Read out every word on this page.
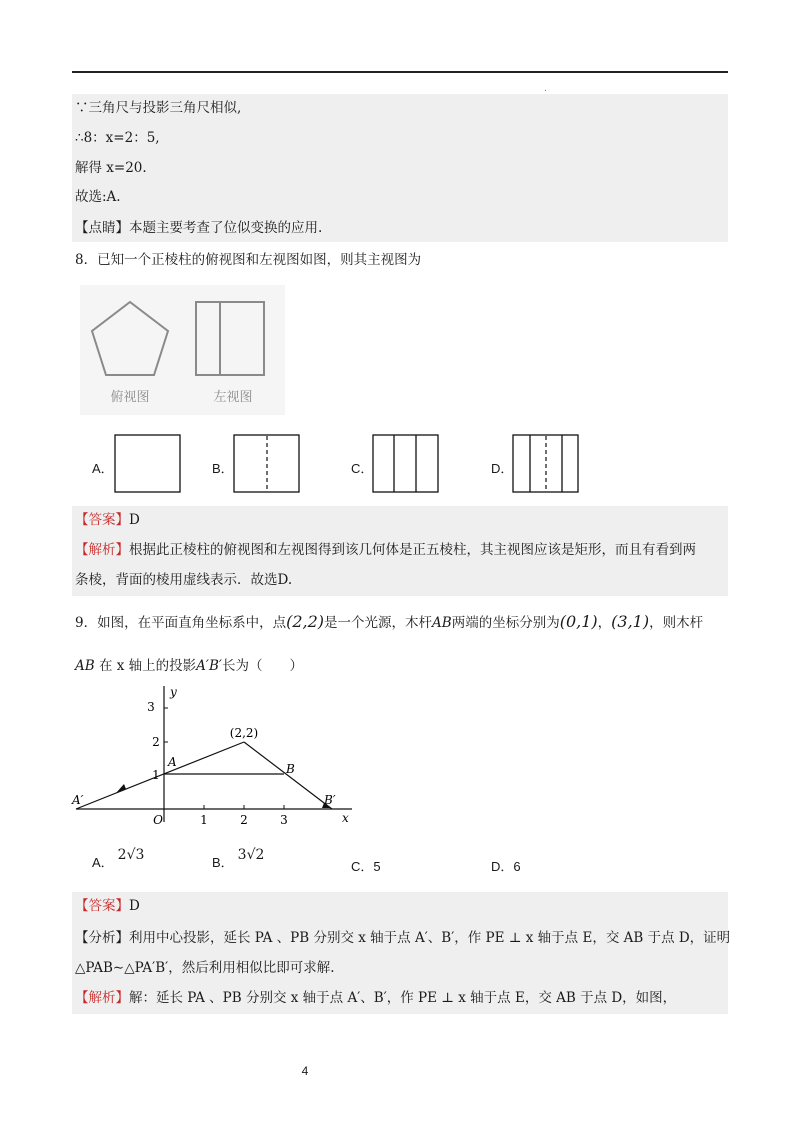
.
∵三角尺与投影三角尺相似,
∴8：x=2：5,
解得 x=20.
故选:A.
【点睛】本题主要考查了位似变换的应用.
8．已知一个正棱柱的俯视图和左视图如图，则其主视图为
俯视图	左视图
A．	B．	C．	D．
【答案】D
【解析】根据此正棱柱的俯视图和左视图得到该几何体是正五棱柱，其主视图应该是矩形，而且有看到两
条棱，背面的棱用虚线表示．故选D.
9．如图，在平面直角坐标系中，点(2,2)是一个光源，木杆AB两端的坐标分别为(0,1)，(3,1)，则木杆
AB 在 x 轴上的投影A′B′长为（　　）
3
2
1
1	2	3
O	x
y
(2,2)
A	B
A′	B′
A． 2√3	B． 3√2
C．5	D．6
【答案】D
【分析】利用中心投影，延长 PA 、PB 分别交 x 轴于点 A′、B′，作 PE ⊥ x 轴于点 E，交 AB 于点 D，证明
△PAB∼△PA′B′，然后利用相似比即可求解.
【解析】解：延长 PA 、PB 分别交 x 轴于点 A′、B′，作 PE ⊥ x 轴于点 E，交 AB 于点 D，如图，
4
